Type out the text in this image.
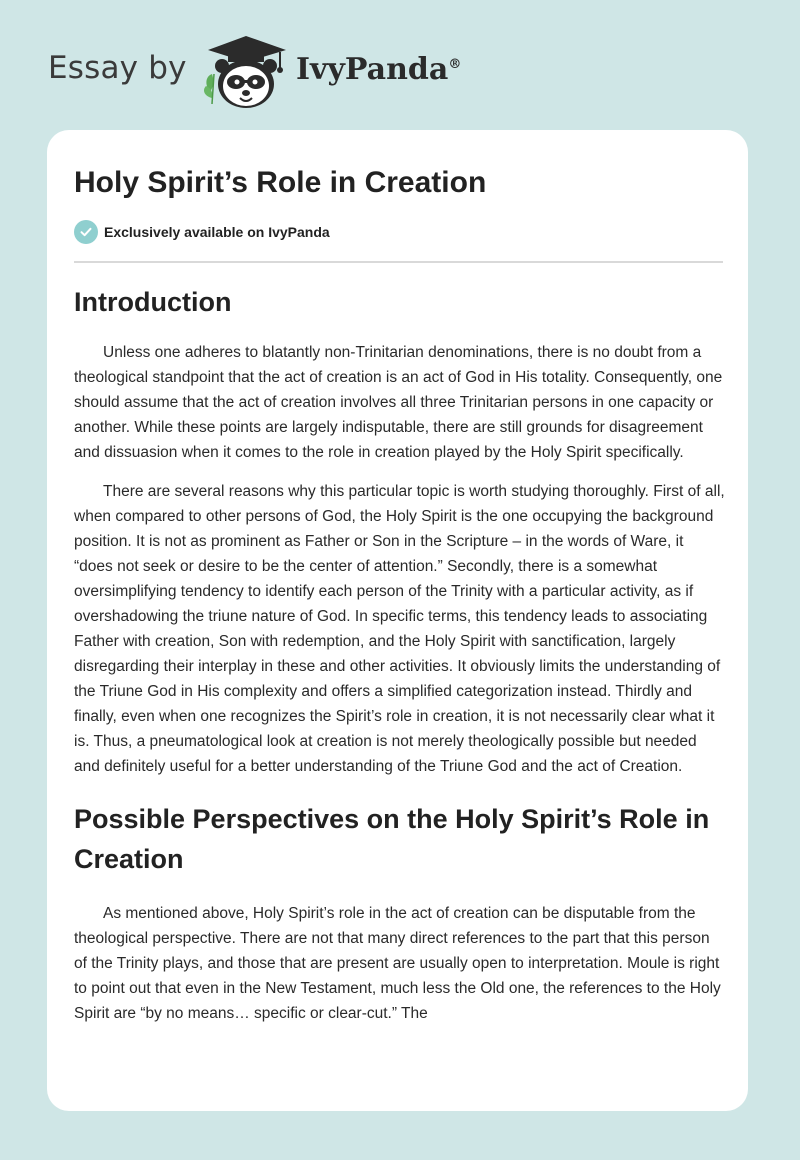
Essay by	IvyPanda®
Holy Spirit’s Role in Creation
Exclusively available on IvyPanda
Introduction

Unless one adheres to blatantly non-Trinitarian denominations, there is no doubt from a theological standpoint that the act of creation is an act of God in His totality. Consequently, one should assume that the act of creation involves all three Trinitarian persons in one capacity or another. While these points are largely indisputable, there are still grounds for disagreement and dissuasion when it comes to the role in creation played by the Holy Spirit specifically.

There are several reasons why this particular topic is worth studying thoroughly. First of all, when compared to other persons of God, the Holy Spirit is the one occupying the background position. It is not as prominent as Father or Son in the Scripture – in the words of Ware, it “does not seek or desire to be the center of attention.” Secondly, there is a somewhat oversimplifying tendency to identify each person of the Trinity with a particular activity, as if overshadowing the triune nature of God. In specific terms, this tendency leads to associating Father with creation, Son with redemption, and the Holy Spirit with sanctification, largely disregarding their interplay in these and other activities. It obviously limits the understanding of the Triune God in His complexity and offers a simplified categorization instead. Thirdly and finally, even when one recognizes the Spirit’s role in creation, it is not necessarily clear what it is. Thus, a pneumatological look at creation is not merely theologically possible but needed and definitely useful for a better understanding of the Triune God and the act of Creation.

Possible Perspectives on the Holy Spirit’s Role in Creation

As mentioned above, Holy Spirit’s role in the act of creation can be disputable from the theological perspective. There are not that many direct references to the part that this person of the Trinity plays, and those that are present are usually open to interpretation. Moule is right to point out that even in the New Testament, much less the Old one, the references to the Holy Spirit are “by no means… specific or clear-cut.” The
